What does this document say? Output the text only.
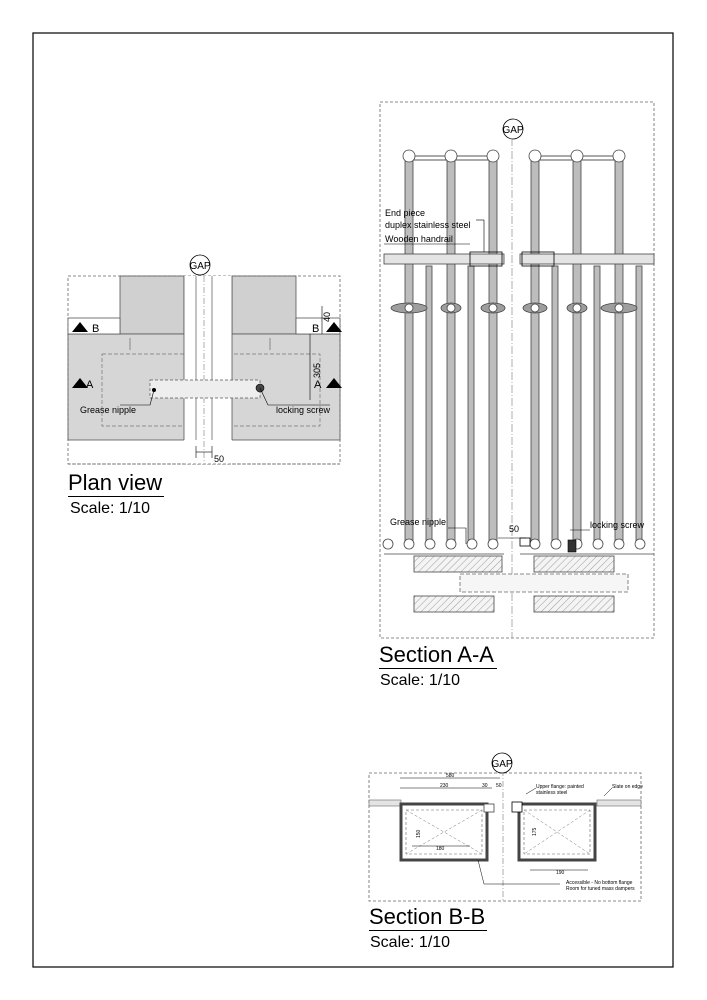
GAP
B	B
A	A
Grease nipple	locking screw
50
40
305
GAP
End piece
duplex stainless steel
Wooden handrail
Grease nipple	locking screw
50
GAP
580
230	30 50
180
190
150	175
Upper flange: painted
stainless steel
Slate on edge
Accessible - No bottom flange
Room for tuned mass dampers
Plan view
Scale: 1/10
Section A-A
Scale: 1/10
Section B-B
Scale: 1/10
